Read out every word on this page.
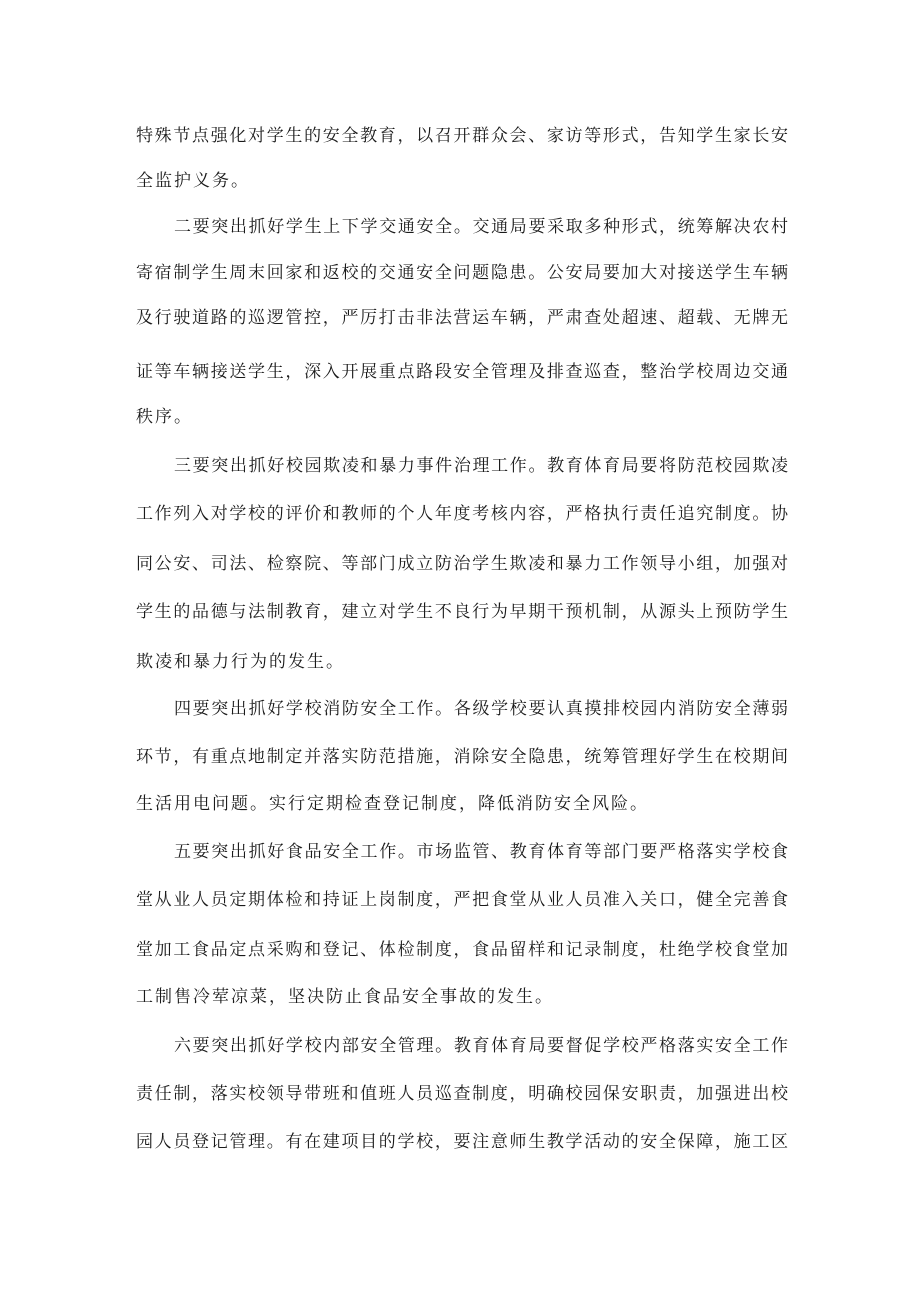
特殊节点强化对学生的安全教育，以召开群众会、家访等形式，告知学生家长安
全监护义务。
二要突出抓好学生上下学交通安全。交通局要采取多种形式，统筹解决农村
寄宿制学生周末回家和返校的交通安全问题隐患。公安局要加大对接送学生车辆
及行驶道路的巡逻管控，严厉打击非法营运车辆，严肃查处超速、超载、无牌无
证等车辆接送学生，深入开展重点路段安全管理及排查巡查，整治学校周边交通
秩序。
三要突出抓好校园欺凌和暴力事件治理工作。教育体育局要将防范校园欺凌
工作列入对学校的评价和教师的个人年度考核内容，严格执行责任追究制度。协
同公安、司法、检察院、等部门成立防治学生欺凌和暴力工作领导小组，加强对
学生的品德与法制教育，建立对学生不良行为早期干预机制，从源头上预防学生
欺凌和暴力行为的发生。
四要突出抓好学校消防安全工作。各级学校要认真摸排校园内消防安全薄弱
环节，有重点地制定并落实防范措施，消除安全隐患，统筹管理好学生在校期间
生活用电问题。实行定期检查登记制度，降低消防安全风险。
五要突出抓好食品安全工作。市场监管、教育体育等部门要严格落实学校食
堂从业人员定期体检和持证上岗制度，严把食堂从业人员准入关口，健全完善食
堂加工食品定点采购和登记、体检制度，食品留样和记录制度，杜绝学校食堂加
工制售冷荤凉菜，坚决防止食品安全事故的发生。
六要突出抓好学校内部安全管理。教育体育局要督促学校严格落实安全工作
责任制，落实校领导带班和值班人员巡查制度，明确校园保安职责，加强进出校
园人员登记管理。有在建项目的学校，要注意师生教学活动的安全保障，施工区
